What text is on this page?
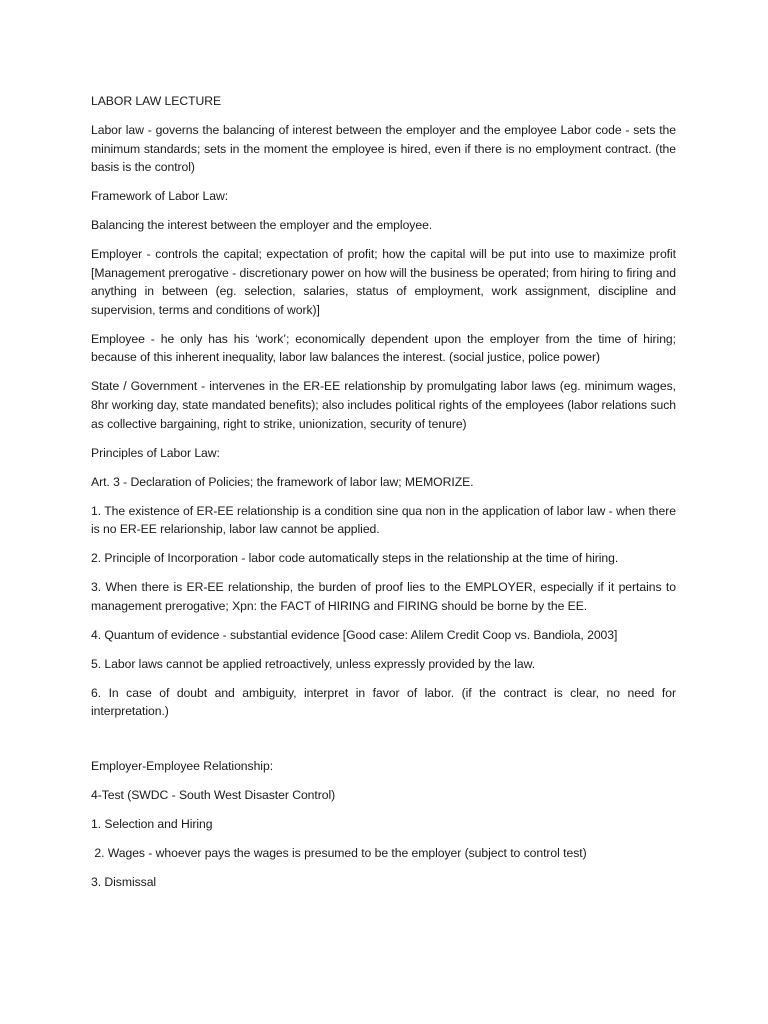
LABOR LAW LECTURE

Labor law - governs the balancing of interest between the employer and the employee Labor code - sets the minimum standards; sets in the moment the employee is hired, even if there is no employment contract. (the basis is the control)

Framework of Labor Law:

Balancing the interest between the employer and the employee.

Employer - controls the capital; expectation of profit; how the capital will be put into use to maximize profit [Management prerogative - discretionary power on how will the business be operated; from hiring to firing and anything in between (eg. selection, salaries, status of employment, work assignment, discipline and supervision, terms and conditions of work)]

Employee - he only has his ‘work’; economically dependent upon the employer from the time of hiring; because of this inherent inequality, labor law balances the interest. (social justice, police power)

State / Government - intervenes in the ER-EE relationship by promulgating labor laws (eg. minimum wages, 8hr working day, state mandated benefits); also includes political rights of the employees (labor relations such as collective bargaining, right to strike, unionization, security of tenure)

Principles of Labor Law:

Art. 3 - Declaration of Policies; the framework of labor law; MEMORIZE.

1. The existence of ER-EE relationship is a condition sine qua non in the application of labor law - when there is no ER-EE relarionship, labor law cannot be applied.

2. Principle of Incorporation - labor code automatically steps in the relationship at the time of hiring.

3. When there is ER-EE relationship, the burden of proof lies to the EMPLOYER, especially if it pertains to management prerogative; Xpn: the FACT of HIRING and FIRING should be borne by the EE.

4. Quantum of evidence - substantial evidence [Good case: Alilem Credit Coop vs. Bandiola, 2003]

5. Labor laws cannot be applied retroactively, unless expressly provided by the law.

6. In case of doubt and ambiguity, interpret in favor of labor. (if the contract is clear, no need for interpretation.)

Employer-Employee Relationship:

4-Test (SWDC - South West Disaster Control)

1. Selection and Hiring

2. Wages - whoever pays the wages is presumed to be the employer (subject to control test)

3. Dismissal
